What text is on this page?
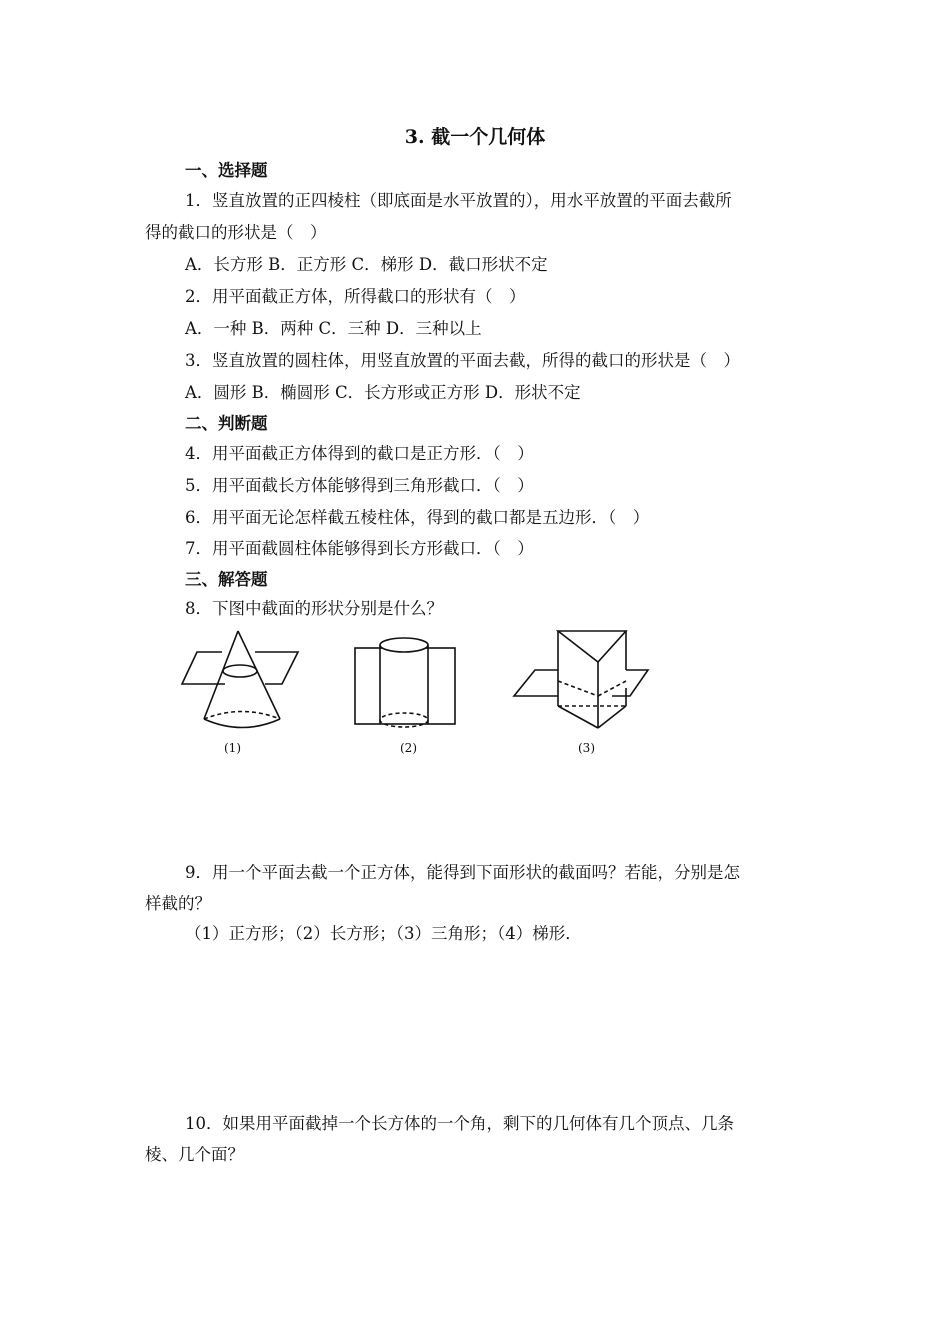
3. 截一个几何体
一、选择题
1．竖直放置的正四棱柱（即底面是水平放置的），用水平放置的平面去截所
得的截口的形状是（　）
A．长方形 B．正方形 C．梯形 D．截口形状不定
2．用平面截正方体，所得截口的形状有（　）
A．一种 B．两种 C．三种 D．三种以上
3．竖直放置的圆柱体，用竖直放置的平面去截，所得的截口的形状是（　）
A．圆形 B．椭圆形 C．长方形或正方形 D．形状不定
二、判断题
4．用平面截正方体得到的截口是正方形．（　）
5．用平面截长方体能够得到三角形截口．（　）
6．用平面无论怎样截五棱柱体，得到的截口都是五边形．（　）
7．用平面截圆柱体能够得到长方形截口．（　）
三、解答题
8．下图中截面的形状分别是什么？
(1)	(2)	(3)
9．用一个平面去截一个正方体，能得到下面形状的截面吗？若能，分别是怎
样截的？
（1）正方形；（2）长方形；（3）三角形；（4）梯形．
10．如果用平面截掉一个长方体的一个角，剩下的几何体有几个顶点、几条
棱、几个面？
